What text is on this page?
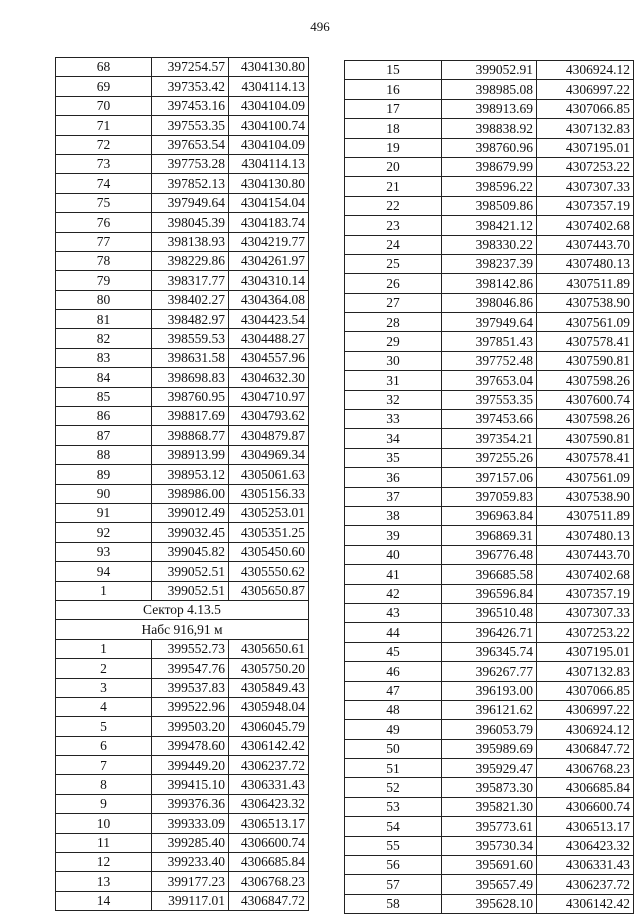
496
68	397254.57	4304130.80
69	397353.42	4304114.13
70	397453.16	4304104.09
71	397553.35	4304100.74
72	397653.54	4304104.09
73	397753.28	4304114.13
74	397852.13	4304130.80
75	397949.64	4304154.04
76	398045.39	4304183.74
77	398138.93	4304219.77
78	398229.86	4304261.97
79	398317.77	4304310.14
80	398402.27	4304364.08
81	398482.97	4304423.54
82	398559.53	4304488.27
83	398631.58	4304557.96
84	398698.83	4304632.30
85	398760.95	4304710.97
86	398817.69	4304793.62
87	398868.77	4304879.87
88	398913.99	4304969.34
89	398953.12	4305061.63
90	398986.00	4305156.33
91	399012.49	4305253.01
92	399032.45	4305351.25
93	399045.82	4305450.60
94	399052.51	4305550.62
1	399052.51	4305650.87
Сектор 4.13.5		
Набс 916,91 м		
1	399552.73	4305650.61
2	399547.76	4305750.20
3	399537.83	4305849.43
4	399522.96	4305948.04
5	399503.20	4306045.79
6	399478.60	4306142.42
7	399449.20	4306237.72
8	399415.10	4306331.43
9	399376.36	4306423.32
10	399333.09	4306513.17
11	399285.40	4306600.74
12	399233.40	4306685.84
13	399177.23	4306768.23
14	399117.01	4306847.72
15	399052.91	4306924.12
16	398985.08	4306997.22
17	398913.69	4307066.85
18	398838.92	4307132.83
19	398760.96	4307195.01
20	398679.99	4307253.22
21	398596.22	4307307.33
22	398509.86	4307357.19
23	398421.12	4307402.68
24	398330.22	4307443.70
25	398237.39	4307480.13
26	398142.86	4307511.89
27	398046.86	4307538.90
28	397949.64	4307561.09
29	397851.43	4307578.41
30	397752.48	4307590.81
31	397653.04	4307598.26
32	397553.35	4307600.74
33	397453.66	4307598.26
34	397354.21	4307590.81
35	397255.26	4307578.41
36	397157.06	4307561.09
37	397059.83	4307538.90
38	396963.84	4307511.89
39	396869.31	4307480.13
40	396776.48	4307443.70
41	396685.58	4307402.68
42	396596.84	4307357.19
43	396510.48	4307307.33
44	396426.71	4307253.22
45	396345.74	4307195.01
46	396267.77	4307132.83
47	396193.00	4307066.85
48	396121.62	4306997.22
49	396053.79	4306924.12
50	395989.69	4306847.72
51	395929.47	4306768.23
52	395873.30	4306685.84
53	395821.30	4306600.74
54	395773.61	4306513.17
55	395730.34	4306423.32
56	395691.60	4306331.43
57	395657.49	4306237.72
58	395628.10	4306142.42
